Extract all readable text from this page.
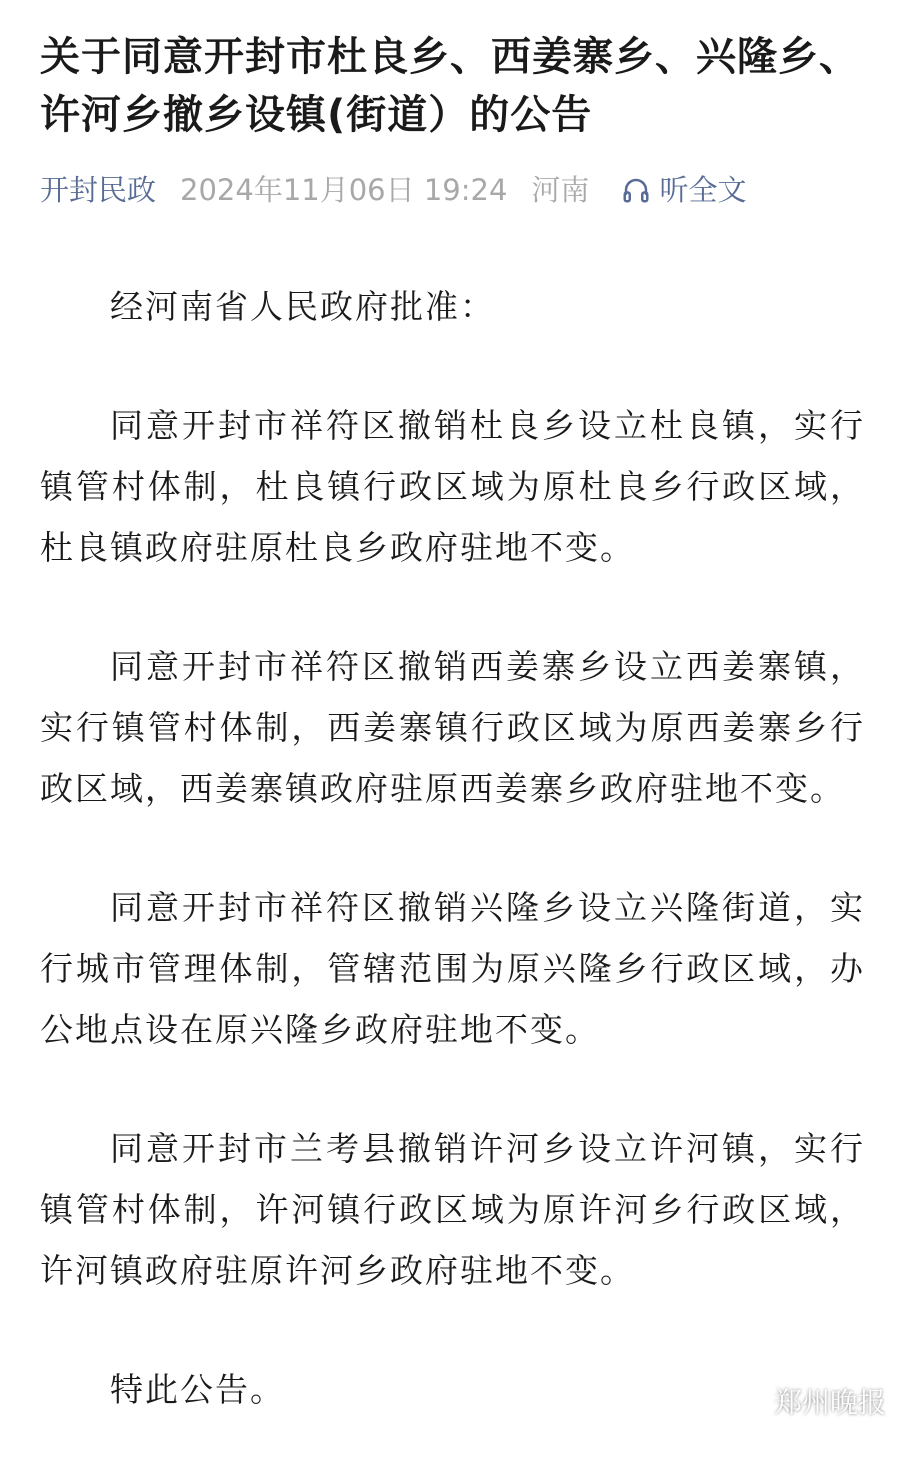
关于同意开封市杜良乡、西姜寨乡、兴隆乡、许河乡撤乡设镇(街道）的公告
开封民政 2024年11月06日 19:24 河南 听全文

经河南省人民政府批准：

同意开封市祥符区撤销杜良乡设立杜良镇，实行镇管村体制，杜良镇行政区域为原杜良乡行政区域，杜良镇政府驻原杜良乡政府驻地不变。

同意开封市祥符区撤销西姜寨乡设立西姜寨镇，实行镇管村体制，西姜寨镇行政区域为原西姜寨乡行政区域，西姜寨镇政府驻原西姜寨乡政府驻地不变。

同意开封市祥符区撤销兴隆乡设立兴隆街道，实行城市管理体制，管辖范围为原兴隆乡行政区域，办公地点设在原兴隆乡政府驻地不变。

同意开封市兰考县撤销许河乡设立许河镇，实行镇管村体制，许河镇行政区域为原许河乡行政区域，许河镇政府驻原许河乡政府驻地不变。

特此公告。	郑州晚报
